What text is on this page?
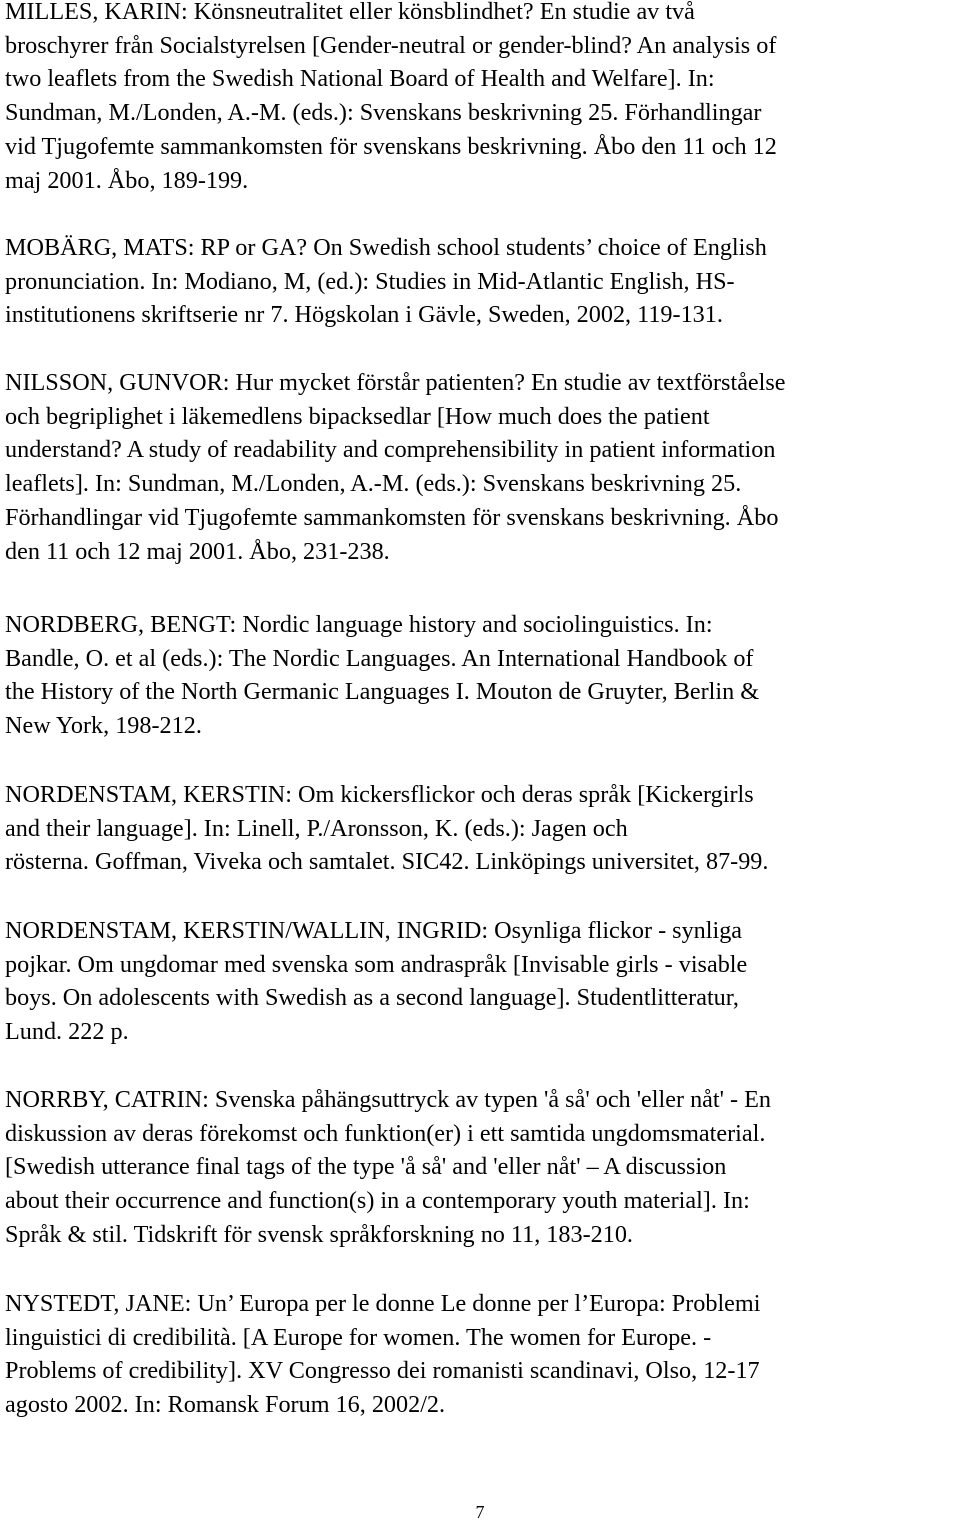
MILLES, KARIN: Könsneutralitet eller könsblindhet? En studie av två
broschyrer från Socialstyrelsen [Gender-neutral or gender-blind? An analysis of
two leaflets from the Swedish National Board of Health and Welfare]. In:
Sundman, M./Londen, A.-M. (eds.): Svenskans beskrivning 25. Förhandlingar
vid Tjugofemte sammankomsten för svenskans beskrivning. Åbo den 11 och 12
maj 2001. Åbo, 189-199.

MOBÄRG, MATS: RP or GA? On Swedish school students’ choice of English
pronunciation. In: Modiano, M, (ed.): Studies in Mid-Atlantic English, HS-
institutionens skriftserie nr 7. Högskolan i Gävle, Sweden, 2002, 119-131.

NILSSON, GUNVOR: Hur mycket förstår patienten? En studie av textförståelse
och begriplighet i läkemedlens bipacksedlar [How much does the patient
understand? A study of readability and comprehensibility in patient information
leaflets]. In: Sundman, M./Londen, A.-M. (eds.): Svenskans beskrivning 25.
Förhandlingar vid Tjugofemte sammankomsten för svenskans beskrivning. Åbo
den 11 och 12 maj 2001. Åbo, 231-238.

NORDBERG, BENGT: Nordic language history and sociolinguistics. In:
Bandle, O. et al (eds.): The Nordic Languages. An International Handbook of
the History of the North Germanic Languages I. Mouton de Gruyter, Berlin &
New York, 198-212.

NORDENSTAM, KERSTIN: Om kickersflickor och deras språk [Kickergirls
and their language]. In: Linell, P./Aronsson, K. (eds.): Jagen och
rösterna. Goffman, Viveka och samtalet. SIC42. Linköpings universitet, 87-99.

NORDENSTAM, KERSTIN/WALLIN, INGRID: Osynliga flickor - synliga
pojkar. Om ungdomar med svenska som andraspråk [Invisable girls - visable
boys. On adolescents with Swedish as a second language]. Studentlitteratur,
Lund. 222 p.

NORRBY, CATRIN: Svenska påhängsuttryck av typen 'å så' och 'eller nåt' - En
diskussion av deras förekomst och funktion(er) i ett samtida ungdomsmaterial.
[Swedish utterance final tags of the type 'å så' and 'eller nåt' – A discussion
about their occurrence and function(s) in a contemporary youth material]. In:
Språk & stil. Tidskrift för svensk språkforskning no 11, 183-210.

NYSTEDT, JANE: Un’ Europa per le donne Le donne per l’Europa: Problemi
linguistici di credibilità. [A Europe for women. The women for Europe. -
Problems of credibility]. XV Congresso dei romanisti scandinavi, Olso, 12-17
agosto 2002. In: Romansk Forum 16, 2002/2.

7
